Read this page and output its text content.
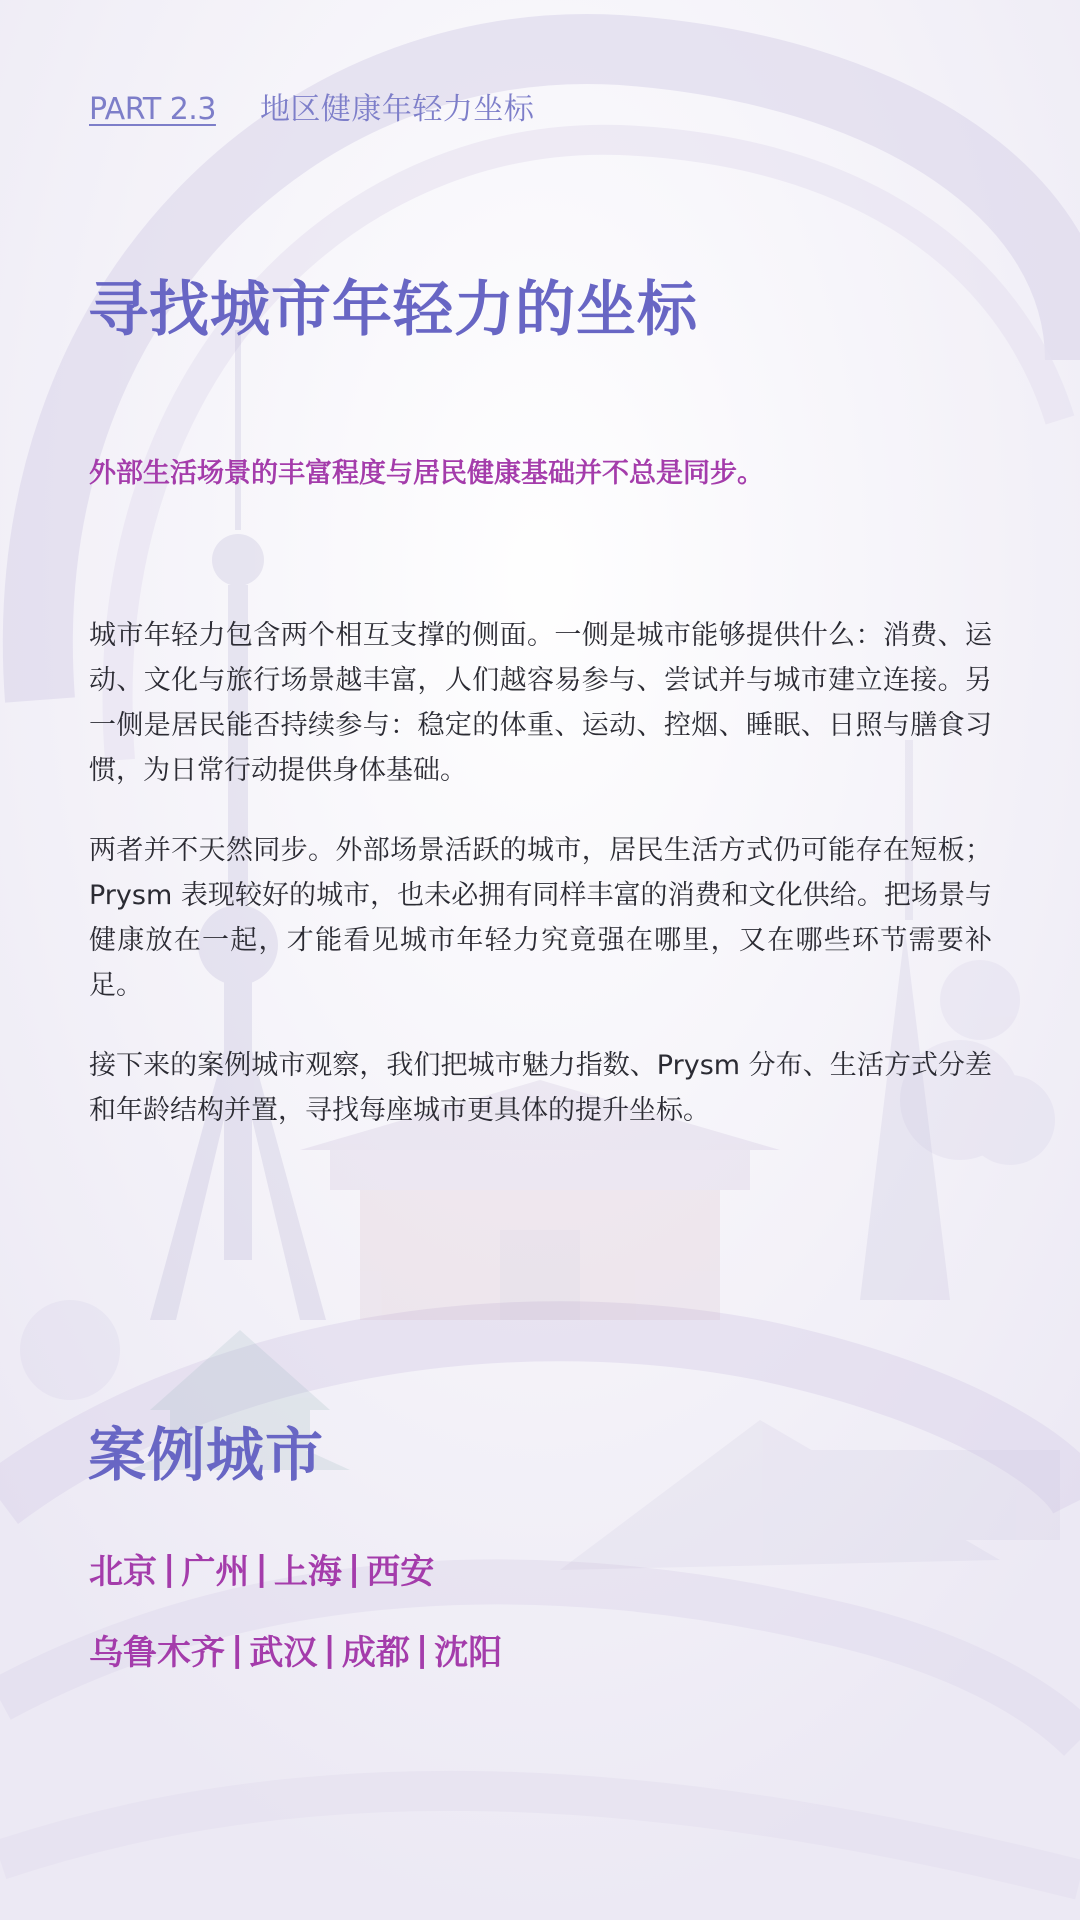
PART 2.3 地区健康年轻力坐标
寻找城市年轻力的坐标

外部生活场景的丰富程度与居民健康基础并不总是同步。

城市年轻力包含两个相互支撑的侧面。一侧是城市能够提供什么：消费、运动、文化与旅行场景越丰富，人们越容易参与、尝试并与城市建立连接。另一侧是居民能否持续参与：稳定的体重、运动、控烟、睡眠、日照与膳食习惯，为日常行动提供身体基础。

两者并不天然同步。外部场景活跃的城市，居民生活方式仍可能存在短板；Prysm 表现较好的城市，也未必拥有同样丰富的消费和文化供给。把场景与健康放在一起，才能看见城市年轻力究竟强在哪里，又在哪些环节需要补足。

接下来的案例城市观察，我们把城市魅力指数、Prysm 分布、生活方式分差和年龄结构并置，寻找每座城市更具体的提升坐标。

案例城市
北京 | 广州 | 上海 | 西安
乌鲁木齐 | 武汉 | 成都 | 沈阳
